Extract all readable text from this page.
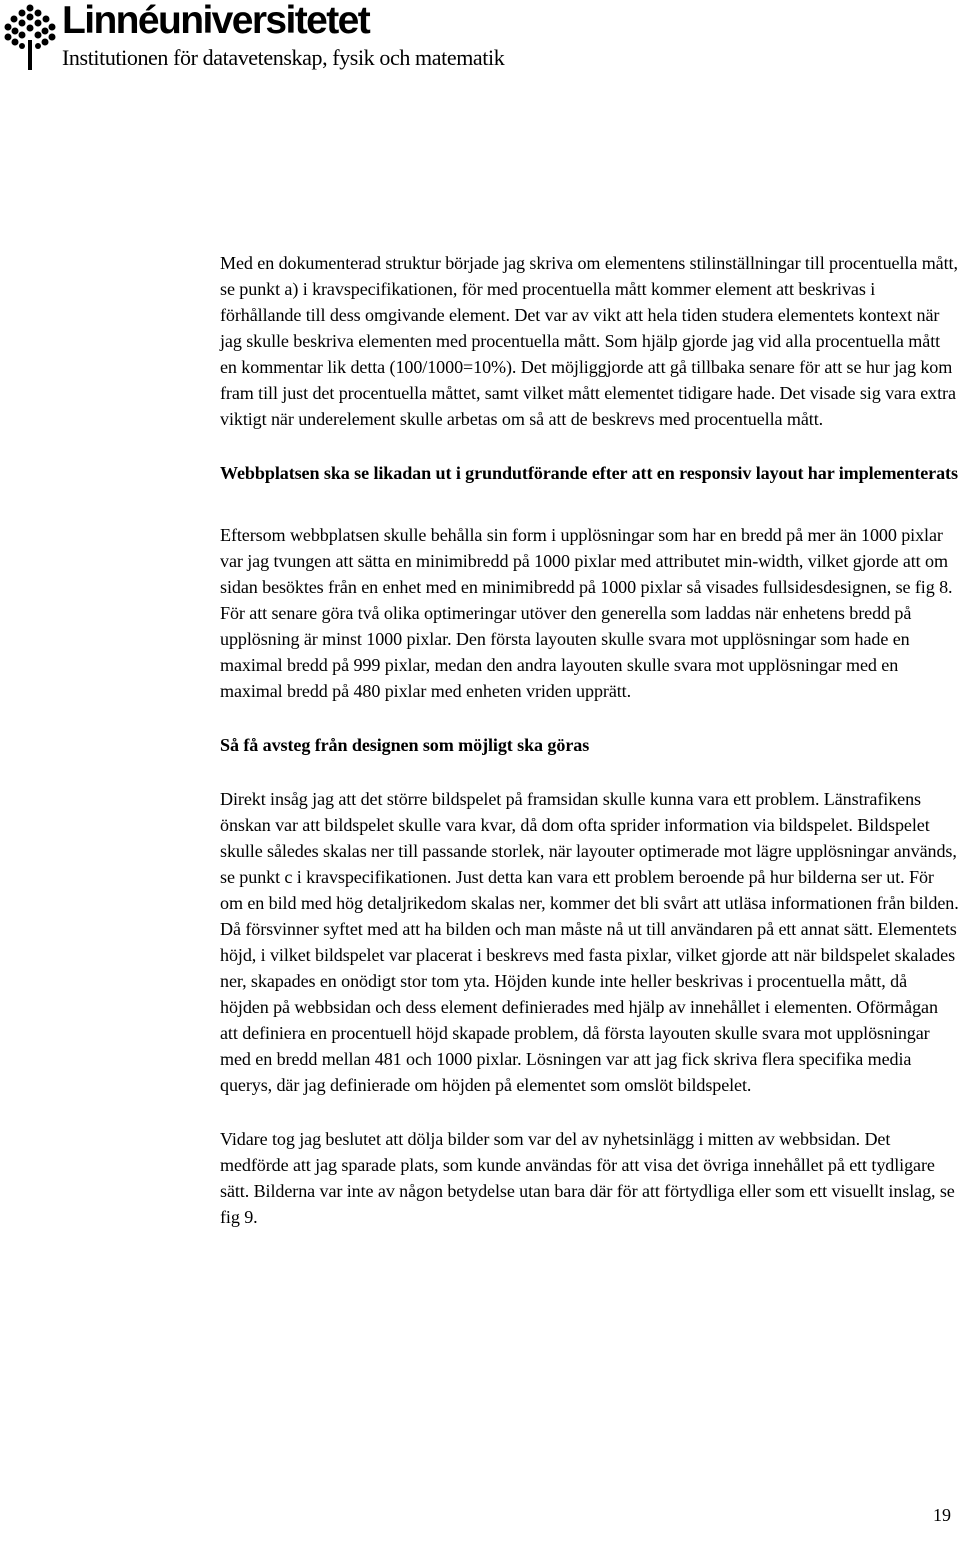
Linnéuniversitetet
Institutionen för datavetenskap, fysik och matematik

Med en dokumenterad struktur började jag skriva om elementens stilinställningar till procentuella mått, se punkt a) i kravspecifikationen, för med procentuella mått kommer element att beskrivas i förhållande till dess omgivande element. Det var av vikt att hela tiden studera elementets kontext när jag skulle beskriva elementen med procentuella mått. Som hjälp gjorde jag vid alla procentuella mått en kommentar lik detta (100/1000=10%). Det möjliggjorde att gå tillbaka senare för att se hur jag kom fram till just det procentuella måttet, samt vilket mått elementet tidigare hade. Det visade sig vara extra viktigt när underelement skulle arbetas om så att de beskrevs med procentuella mått.

Webbplatsen ska se likadan ut i grundutförande efter att en responsiv layout har implementerats

Eftersom webbplatsen skulle behålla sin form i upplösningar som har en bredd på mer än 1000 pixlar var jag tvungen att sätta en minimibredd på 1000 pixlar med attributet min-width, vilket gjorde att om sidan besöktes från en enhet med en minimibredd på 1000 pixlar så visades fullsidesdesignen, se fig 8. För att senare göra två olika optimeringar utöver den generella som laddas när enhetens bredd på upplösning är minst 1000 pixlar. Den första layouten skulle svara mot upplösningar som hade en maximal bredd på 999 pixlar, medan den andra layouten skulle svara mot upplösningar med en maximal bredd på 480 pixlar med enheten vriden upprätt.

Så få avsteg från designen som möjligt ska göras

Direkt insåg jag att det större bildspelet på framsidan skulle kunna vara ett problem. Länstrafikens önskan var att bildspelet skulle vara kvar, då dom ofta sprider information via bildspelet. Bildspelet skulle således skalas ner till passande storlek, när layouter optimerade mot lägre upplösningar används, se punkt c i kravspecifikationen. Just detta kan vara ett problem beroende på hur bilderna ser ut. För om en bild med hög detaljrikedom skalas ner, kommer det bli svårt att utläsa informationen från bilden. Då försvinner syftet med att ha bilden och man måste nå ut till användaren på ett annat sätt. Elementets höjd, i vilket bildspelet var placerat i beskrevs med fasta pixlar, vilket gjorde att när bildspelet skalades ner, skapades en onödigt stor tom yta. Höjden kunde inte heller beskrivas i procentuella mått, då höjden på webbsidan och dess element definierades med hjälp av innehållet i elementen. Oförmågan att definiera en procentuell höjd skapade problem, då första layouten skulle svara mot upplösningar med en bredd mellan 481 och 1000 pixlar. Lösningen var att jag fick skriva flera specifika media querys, där jag definierade om höjden på elementet som omslöt bildspelet.

Vidare tog jag beslutet att dölja bilder som var del av nyhetsinlägg i mitten av webbsidan. Det medförde att jag sparade plats, som kunde användas för att visa det övriga innehållet på ett tydligare sätt. Bilderna var inte av någon betydelse utan bara där för att förtydliga eller som ett visuellt inslag, se fig 9.

19
